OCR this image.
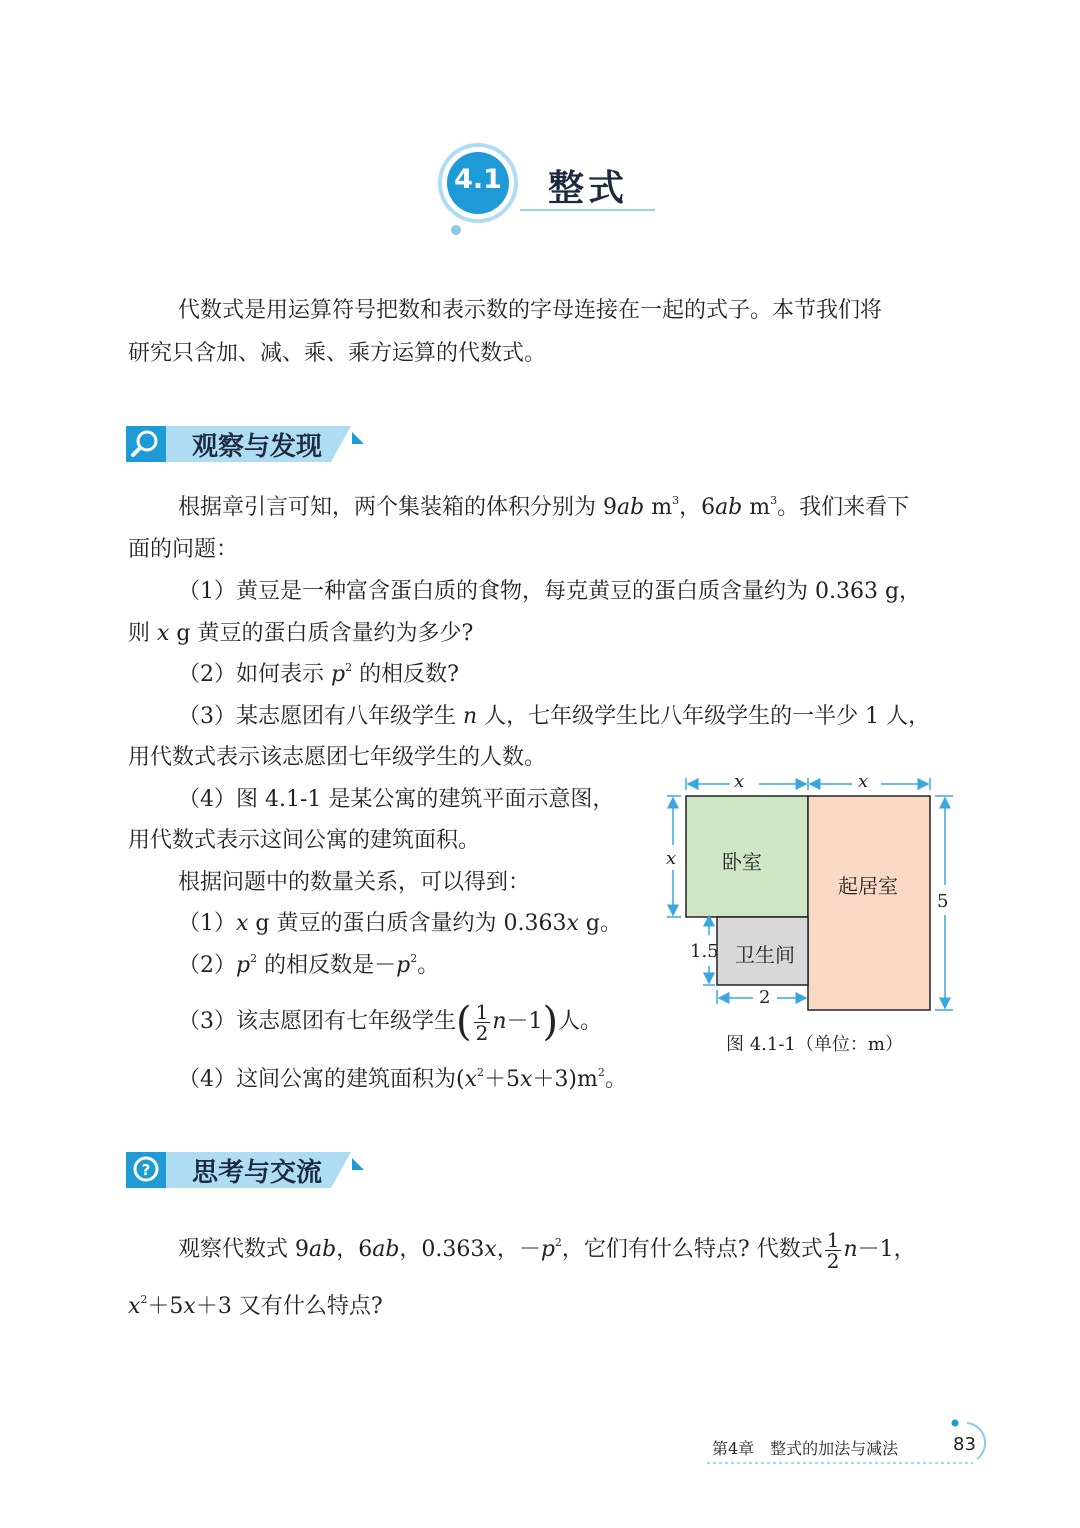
4.1 整式

代数式是用运算符号把数和表示数的字母连接在一起的式子。本节我们将

研究只含加、减、乘、乘方运算的代数式。

观察与发现

根据章引言可知，两个集装箱的体积分别为 9ab $m^3$，6ab $m^3$。我们来看下

面的问题：

（1）黄豆是一种富含蛋白质的食物，每克黄豆的蛋白质含量约为 0.363 g，

则 x g 黄豆的蛋白质含量约为多少?

（2）如何表示 $p^2$ 的相反数?

（3）某志愿团有八年级学生 n 人，七年级学生比八年级学生的一半少 1 人，

用代数式表示该志愿团七年级学生的人数。

（4）图 4.1-1 是某公寓的建筑平面示意图，

用代数式表示这间公寓的建筑面积。

根据问题中的数量关系，可以得到：

（1）x g 黄豆的蛋白质含量约为 0.363x g。

$(2)p^2$ 的相反数是$-p^2$。

（3）该志愿团有七年级学生( $\frac{1}{2} n-1$)人。

（4）这间公寓的建筑面积为$(x^2+5x+3)m^2$。

x	x
x
1.5
5
2
卧室
起居室
卫生间
图 4.1-1（单位：m）
? 思考与交流

观察代数式 9ab，6ab，0.363x，$-p^2$，它们有什么特点? 代数式 $\frac{1}{2} n-1$，

$x^2+5x+3$ 又有什么特点?

第4章　整式的加法与减法	83
